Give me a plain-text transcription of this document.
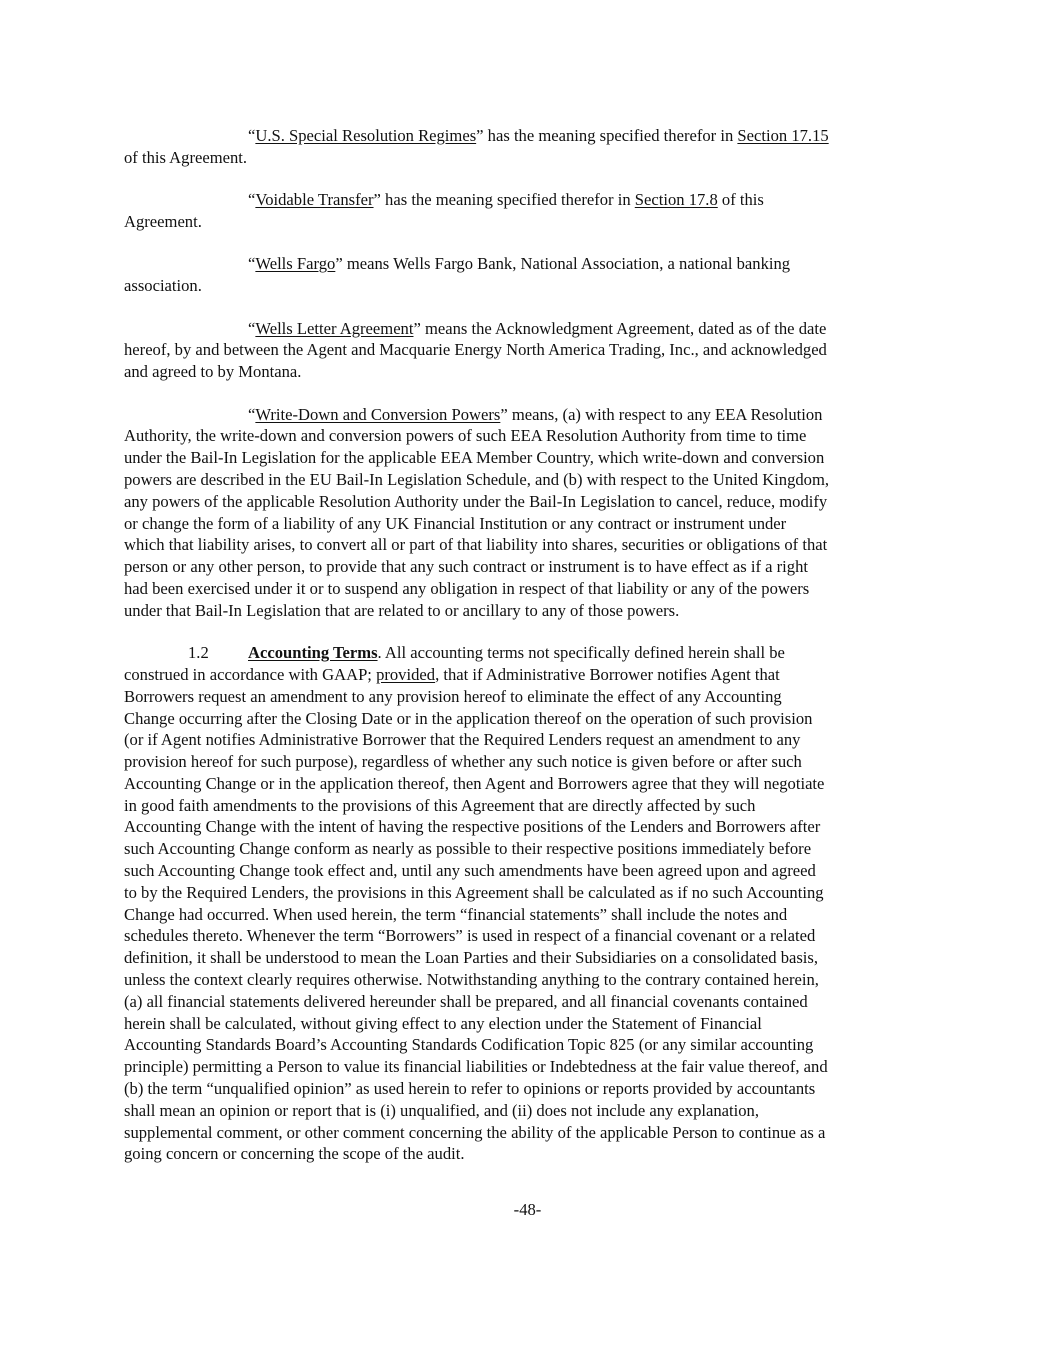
“U.S. Special Resolution Regimes” has the meaning specified therefor in Section 17.15
of this Agreement.
“Voidable Transfer” has the meaning specified therefor in Section 17.8 of this
Agreement.
“Wells Fargo” means Wells Fargo Bank, National Association, a national banking
association.
“Wells Letter Agreement” means the Acknowledgment Agreement, dated as of the date
hereof, by and between the Agent and Macquarie Energy North America Trading, Inc., and acknowledged
and agreed to by Montana.
“Write-Down and Conversion Powers” means, (a) with respect to any EEA Resolution
Authority, the write-down and conversion powers of such EEA Resolution Authority from time to time
under the Bail-In Legislation for the applicable EEA Member Country, which write-down and conversion
powers are described in the EU Bail-In Legislation Schedule, and (b) with respect to the United Kingdom,
any powers of the applicable Resolution Authority under the Bail-In Legislation to cancel, reduce, modify
or change the form of a liability of any UK Financial Institution or any contract or instrument under
which that liability arises, to convert all or part of that liability into shares, securities or obligations of that
person or any other person, to provide that any such contract or instrument is to have effect as if a right
had been exercised under it or to suspend any obligation in respect of that liability or any of the powers
under that Bail-In Legislation that are related to or ancillary to any of those powers.
1.2 Accounting Terms. All accounting terms not specifically defined herein shall be
construed in accordance with GAAP; provided, that if Administrative Borrower notifies Agent that
Borrowers request an amendment to any provision hereof to eliminate the effect of any Accounting
Change occurring after the Closing Date or in the application thereof on the operation of such provision
(or if Agent notifies Administrative Borrower that the Required Lenders request an amendment to any
provision hereof for such purpose), regardless of whether any such notice is given before or after such
Accounting Change or in the application thereof, then Agent and Borrowers agree that they will negotiate
in good faith amendments to the provisions of this Agreement that are directly affected by such
Accounting Change with the intent of having the respective positions of the Lenders and Borrowers after
such Accounting Change conform as nearly as possible to their respective positions immediately before
such Accounting Change took effect and, until any such amendments have been agreed upon and agreed
to by the Required Lenders, the provisions in this Agreement shall be calculated as if no such Accounting
Change had occurred. When used herein, the term “financial statements” shall include the notes and
schedules thereto. Whenever the term “Borrowers” is used in respect of a financial covenant or a related
definition, it shall be understood to mean the Loan Parties and their Subsidiaries on a consolidated basis,
unless the context clearly requires otherwise. Notwithstanding anything to the contrary contained herein,
(a) all financial statements delivered hereunder shall be prepared, and all financial covenants contained
herein shall be calculated, without giving effect to any election under the Statement of Financial
Accounting Standards Board’s Accounting Standards Codification Topic 825 (or any similar accounting
principle) permitting a Person to value its financial liabilities or Indebtedness at the fair value thereof, and
(b) the term “unqualified opinion” as used herein to refer to opinions or reports provided by accountants
shall mean an opinion or report that is (i) unqualified, and (ii) does not include any explanation,
supplemental comment, or other comment concerning the ability of the applicable Person to continue as a
going concern or concerning the scope of the audit.
-48-
